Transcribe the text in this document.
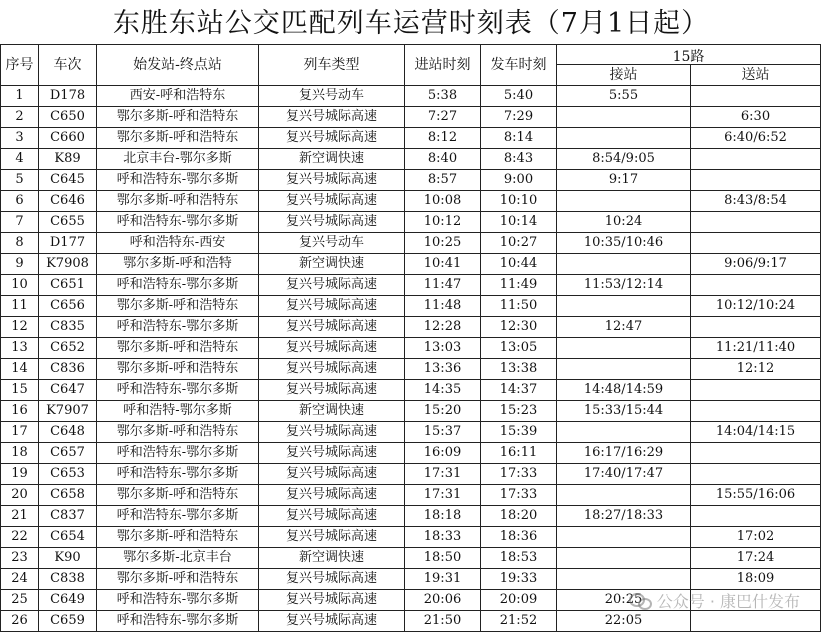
东胜东站公交匹配列车运营时刻表（7月1日起）
序号	车次	始发站-终点站	列车类型	进站时刻	发车时刻	15路	
						接站	送站
1	D178	西安-呼和浩特东	复兴号动车	5:38	5:40	5:55	
2	C650	鄂尔多斯-呼和浩特东	复兴号城际高速	7:27	7:29		6:30
3	C660	鄂尔多斯-呼和浩特东	复兴号城际高速	8:12	8:14		6:40/6:52
4	K89	北京丰台-鄂尔多斯	新空调快速	8:40	8:43	8:54/9:05	
5	C645	呼和浩特东-鄂尔多斯	复兴号城际高速	8:57	9:00	9:17	
6	C646	鄂尔多斯-呼和浩特东	复兴号城际高速	10:08	10:10		8:43/8:54
7	C655	呼和浩特东-鄂尔多斯	复兴号城际高速	10:12	10:14	10:24	
8	D177	呼和浩特东-西安	复兴号动车	10:25	10:27	10:35/10:46	
9	K7908	鄂尔多斯-呼和浩特	新空调快速	10:41	10:44		9:06/9:17
10	C651	呼和浩特东-鄂尔多斯	复兴号城际高速	11:47	11:49	11:53/12:14	
11	C656	鄂尔多斯-呼和浩特东	复兴号城际高速	11:48	11:50		10:12/10:24
12	C835	呼和浩特东-鄂尔多斯	复兴号城际高速	12:28	12:30	12:47	
13	C652	鄂尔多斯-呼和浩特东	复兴号城际高速	13:03	13:05		11:21/11:40
14	C836	鄂尔多斯-呼和浩特东	复兴号城际高速	13:36	13:38		12:12
15	C647	呼和浩特东-鄂尔多斯	复兴号城际高速	14:35	14:37	14:48/14:59	
16	K7907	呼和浩特-鄂尔多斯	新空调快速	15:20	15:23	15:33/15:44	
17	C648	鄂尔多斯-呼和浩特东	复兴号城际高速	15:37	15:39		14:04/14:15
18	C657	呼和浩特东-鄂尔多斯	复兴号城际高速	16:09	16:11	16:17/16:29	
19	C653	呼和浩特东-鄂尔多斯	复兴号城际高速	17:31	17:33	17:40/17:47	
20	C658	鄂尔多斯-呼和浩特东	复兴号城际高速	17:31	17:33		15:55/16:06
21	C837	呼和浩特东-鄂尔多斯	复兴号城际高速	18:18	18:20	18:27/18:33	
22	C654	鄂尔多斯-呼和浩特东	复兴号城际高速	18:33	18:36		17:02
23	K90	鄂尔多斯-北京丰台	新空调快速	18:50	18:53		17:24
24	C838	鄂尔多斯-呼和浩特东	复兴号城际高速	19:31	19:33		18:09
25	C649	呼和浩特东-鄂尔多斯	复兴号城际高速	20:06	20:09	20:25	
26	C659	呼和浩特东-鄂尔多斯	复兴号城际高速	21:50	21:52	22:05	
公众号 · 康巴什发布
